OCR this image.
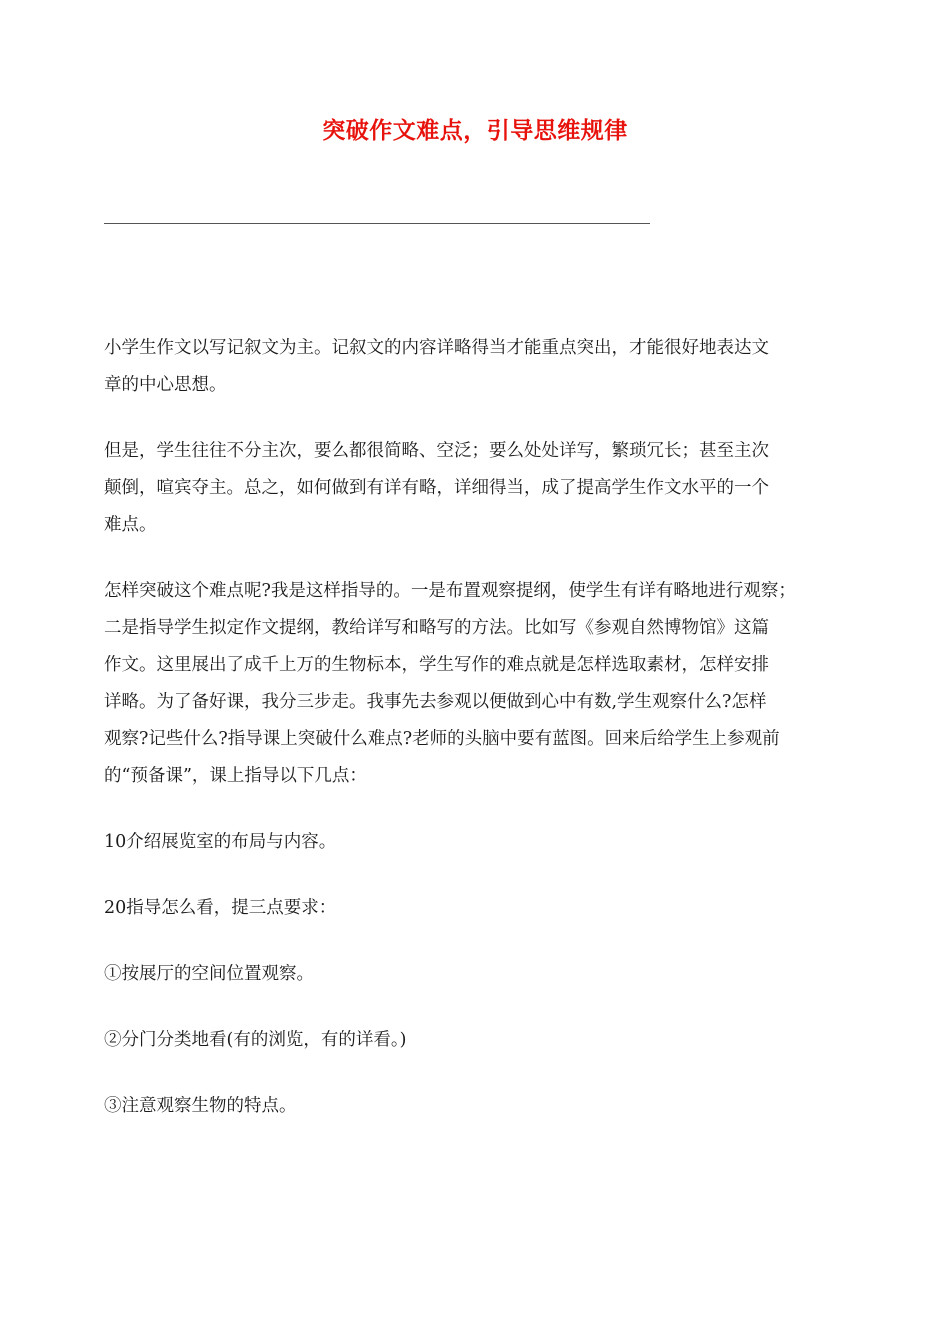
突破作文难点，引导思维规律
小学生作文以写记叙文为主。记叙文的内容详略得当才能重点突出，才能很好地表达文
章的中心思想。
但是，学生往往不分主次，要么都很简略、空泛；要么处处详写，繁琐冗长；甚至主次
颠倒，喧宾夺主。总之，如何做到有详有略，详细得当，成了提高学生作文水平的一个
难点。
怎样突破这个难点呢?我是这样指导的。一是布置观察提纲，使学生有详有略地进行观察；
二是指导学生拟定作文提纲，教给详写和略写的方法。比如写《参观自然博物馆》这篇
作文。这里展出了成千上万的生物标本，学生写作的难点就是怎样选取素材，怎样安排
详略。为了备好课，我分三步走。我事先去参观以便做到心中有数,学生观察什么?怎样
观察?记些什么?指导课上突破什么难点?老师的头脑中要有蓝图。回来后给学生上参观前
的“预备课”，课上指导以下几点：
10介绍展览室的布局与内容。
20指导怎么看，提三点要求：
①按展厅的空间位置观察。
②分门分类地看(有的浏览，有的详看。)
③注意观察生物的特点。
